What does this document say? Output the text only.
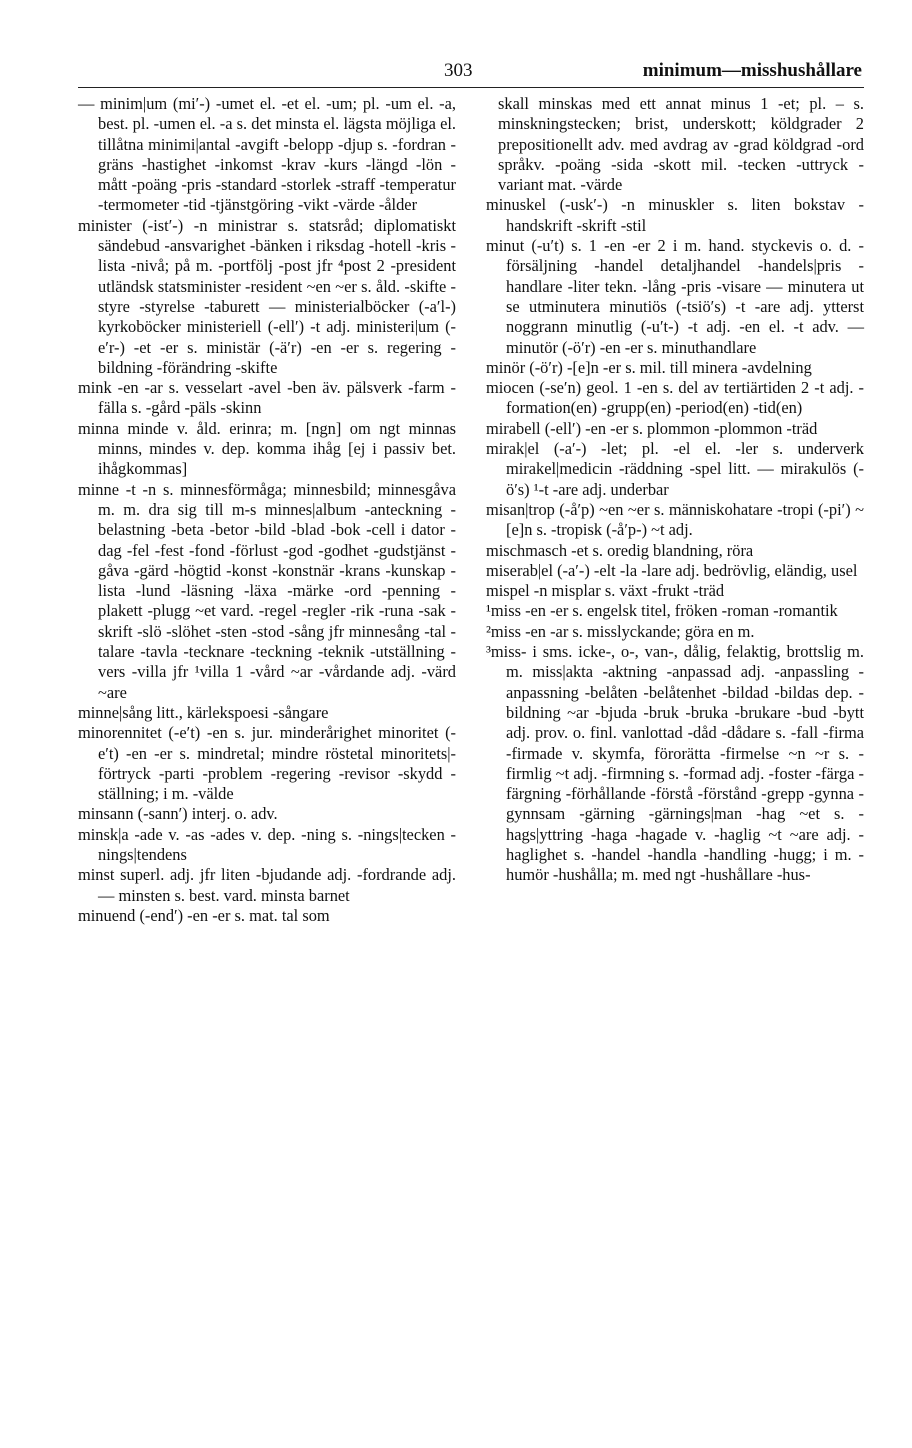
303	minimum—misshushållare

— minim|um (mi′-) -umet el. -et el. -um; pl. -um el. -a, best. pl. -umen el. -a s. det minsta el. lägsta möjliga el. tillåtna minimi|antal -avgift -belopp -djup s. -fordran -gräns -hastighet -inkomst -krav -kurs -längd -lön -mått -poäng -pris -standard -storlek -straff -temperatur -termometer -tid -tjänstgöring -vikt -värde -ålder

minister (-ist′-) -n ministrar s. statsråd; diplomatiskt sändebud -ansvarighet -bänken i riksdag -hotell -kris -lista -nivå; på m. -portfölj -post jfr ⁴post 2 -president utländsk statsminister -resident ~en ~er s. åld. -skifte -styre -styrelse -taburett — ministerialböcker (-a′l-) kyrkoböcker ministeriell (-ell′) -t adj. ministeri|um (-e′r-) -et -er s. ministär (-ä′r) -en -er s. regering -bildning -förändring -skifte

mink -en -ar s. vesselart -avel -ben äv. pälsverk -farm -fälla s. -gård -päls -skinn

minna minde v. åld. erinra; m. [ngn] om ngt minnas minns, mindes v. dep. komma ihåg [ej i passiv bet. ihågkommas]

minne -t -n s. minnesförmåga; minnesbild; minnesgåva m. m. dra sig till m-s minnes|album -anteckning -belastning -beta -betor -bild -blad -bok -cell i dator -dag -fel -fest -fond -förlust -god -godhet -gudstjänst -gåva -gärd -högtid -konst -konstnär -krans -kunskap -lista -lund -läsning -läxa -märke -ord -penning -plakett -plugg ~et vard. -regel -regler -rik -runa -sak -skrift -slö -slöhet -sten -stod -sång jfr minnesång -tal -talare -tavla -tecknare -teckning -teknik -utställning -vers -villa jfr ¹villa 1 -vård ~ar -vårdande adj. -värd ~are

minne|sång litt., kärlekspoesi -sångare

minorennitet (-e′t) -en s. jur. minderårighet minoritet (-e′t) -en -er s. mindretal; mindre röstetal minoritets|-förtryck -parti -problem -regering -revisor -skydd -ställning; i m. -välde

minsann (-sann′) interj. o. adv.

minsk|a -ade v. -as -ades v. dep. -ning s. -nings|tecken -nings|tendens

minst superl. adj. jfr liten -bjudande adj. -fordrande adj. — minsten s. best. vard. minsta barnet

minuend (-end′) -en -er s. mat. tal som

skall minskas med ett annat minus 1 -et; pl. – s. minskningstecken; brist, underskott; köldgrader 2 prepositionellt adv. med avdrag av -grad köldgrad -ord språkv. -poäng -sida -skott mil. -tecken -uttryck -variant mat. -värde

minuskel (-usk′-) -n minuskler s. liten bokstav -handskrift -skrift -stil

minut (-u′t) s. 1 -en -er 2 i m. hand. styckevis o. d. -försäljning -handel detaljhandel -handels|pris -handlare -liter tekn. -lång -pris -visare — minutera ut se utminutera minutiös (-tsiö′s) -t -are adj. ytterst noggrann minutlig (-u′t-) -t adj. -en el. -t adv. — minutör (-ö′r) -en -er s. minuthandlare

minör (-ö′r) -[e]n -er s. mil. till minera -avdelning

miocen (-se′n) geol. 1 -en s. del av tertiärtiden 2 -t adj. -formation(en) -grupp(en) -period(en) -tid(en)

mirabell (-ell′) -en -er s. plommon -plommon -träd

mirak|el (-a′-) -let; pl. -el el. -ler s. underverk mirakel|medicin -räddning -spel litt. — mirakulös (-ö′s) ¹-t -are adj. underbar

misan|trop (-å′p) ~en ~er s. människohatare -tropi (-pi′) ~[e]n s. -tropisk (-å′p-) ~t adj.

mischmasch -et s. oredig blandning, röra

miserab|el (-a′-) -elt -la -lare adj. bedrövlig, eländig, usel

mispel -n misplar s. växt -frukt -träd

¹miss -en -er s. engelsk titel, fröken -roman -romantik

²miss -en -ar s. misslyckande; göra en m.

³miss- i sms. icke-, o-, van-, dålig, felaktig, brottslig m. m. miss|akta -aktning -anpassad adj. -anpassling -anpassning -belåten -belåtenhet -bildad -bildas dep. -bildning ~ar -bjuda -bruk -bruka -brukare -bud -bytt adj. prov. o. finl. vanlottad -dåd -dådare s. -fall -firma -firmade v. skymfa, förorätta -firmelse ~n ~r s. -firmlig ~t adj. -firmning s. -formad adj. -foster -färga -färgning -förhållande -förstå -förstånd -grepp -gynna -gynnsam -gärning -gärnings|man -hag ~et s. -hags|yttring -haga -hagade v. -haglig ~t ~are adj. -haglighet s. -handel -handla -handling -hugg; i m. -humör -hushålla; m. med ngt -hushållare -hus-
